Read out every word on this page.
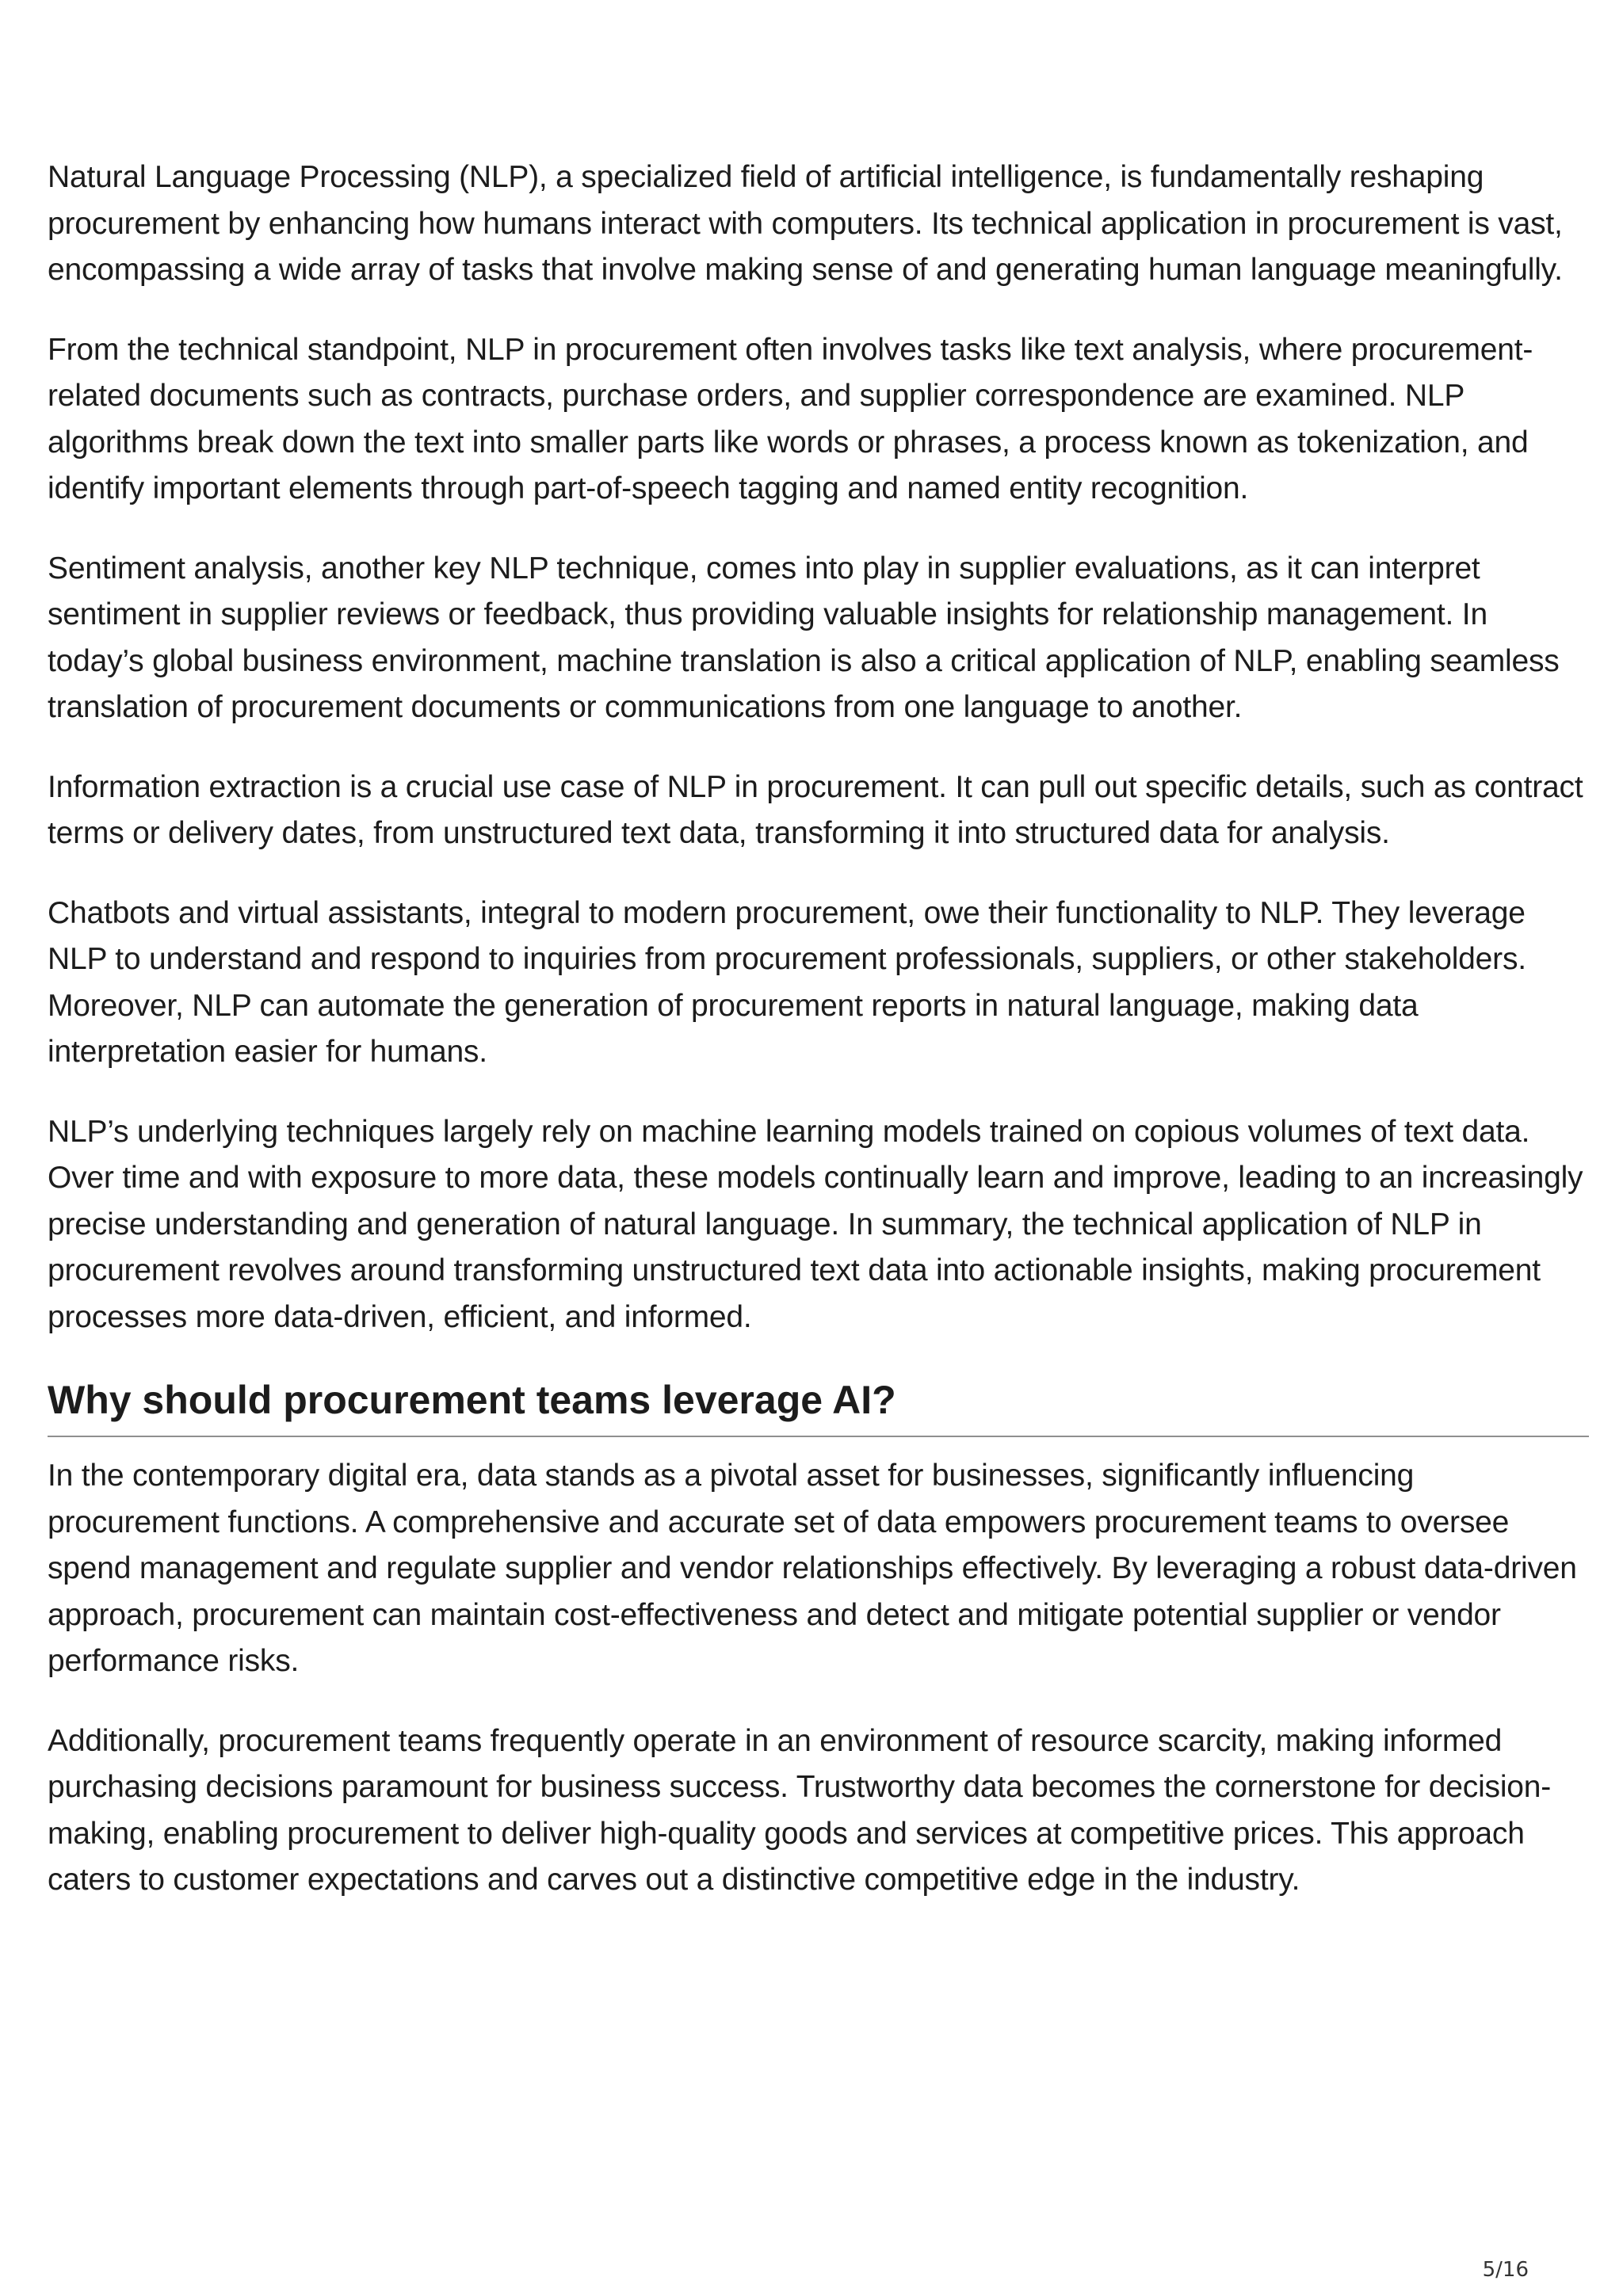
Natural Language Processing (NLP), a specialized field of artificial intelligence, is fundamentally reshaping procurement by enhancing how humans interact with computers. Its technical application in procurement is vast, encompassing a wide array of tasks that involve making sense of and generating human language meaningfully.

From the technical standpoint, NLP in procurement often involves tasks like text analysis, where procurement-related documents such as contracts, purchase orders, and supplier correspondence are examined. NLP algorithms break down the text into smaller parts like words or phrases, a process known as tokenization, and identify important elements through part-of-speech tagging and named entity recognition.

Sentiment analysis, another key NLP technique, comes into play in supplier evaluations, as it can interpret sentiment in supplier reviews or feedback, thus providing valuable insights for relationship management. In today’s global business environment, machine translation is also a critical application of NLP, enabling seamless translation of procurement documents or communications from one language to another.

Information extraction is a crucial use case of NLP in procurement. It can pull out specific details, such as contract terms or delivery dates, from unstructured text data, transforming it into structured data for analysis.

Chatbots and virtual assistants, integral to modern procurement, owe their functionality to NLP. They leverage NLP to understand and respond to inquiries from procurement professionals, suppliers, or other stakeholders. Moreover, NLP can automate the generation of procurement reports in natural language, making data interpretation easier for humans.

NLP’s underlying techniques largely rely on machine learning models trained on copious volumes of text data. Over time and with exposure to more data, these models continually learn and improve, leading to an increasingly precise understanding and generation of natural language. In summary, the technical application of NLP in procurement revolves around transforming unstructured text data into actionable insights, making procurement processes more data-driven, efficient, and informed.

Why should procurement teams leverage AI?

In the contemporary digital era, data stands as a pivotal asset for businesses, significantly influencing procurement functions. A comprehensive and accurate set of data empowers procurement teams to oversee spend management and regulate supplier and vendor relationships effectively. By leveraging a robust data-driven approach, procurement can maintain cost-effectiveness and detect and mitigate potential supplier or vendor performance risks.

Additionally, procurement teams frequently operate in an environment of resource scarcity, making informed purchasing decisions paramount for business success. Trustworthy data becomes the cornerstone for decision-making, enabling procurement to deliver high-quality goods and services at competitive prices. This approach caters to customer expectations and carves out a distinctive competitive edge in the industry.

5/16
